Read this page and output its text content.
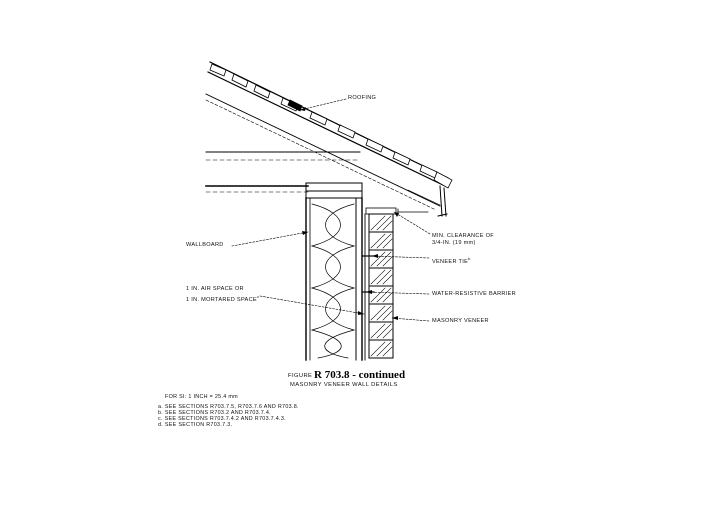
ROOFING
MIN. CLEARANCE OF
3/4-IN. (19 mm)
WALLBOARD
VENEER TIE$^b$
1 IN. AIR SPACE OR
1 IN. MORTARED SPACE$^c$	WATER-RESISTIVE BARRIER
MASONRY VENEER
FIGURE R 703.8 - continued
MASONRY VENEER WALL DETAILS
FOR SI: 1 INCH = 25.4 mm
a. SEE SECTIONS R703.7.5, R703.7.6 AND R703.8.
b. SEE SECTIONS R703.2 AND R703.7.4.
c. SEE SECTIONS R703.7.4.2 AND R703.7.4.3.
d. SEE SECTION R703.7.3.
